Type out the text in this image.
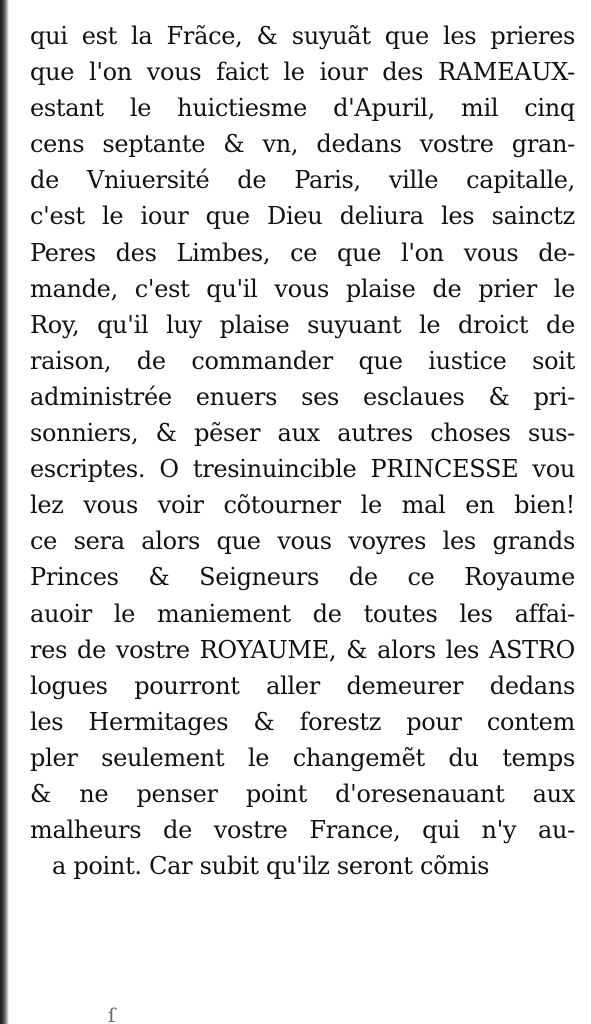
qui est la Frãce, & suyuãt que les prieres
que l'on vous faict le iour des RAMEAUX-
estant le huictiesme d'Apuril, mil cinq
cens septante & vn, dedans vostre gran-
de Vniuersité de Paris, ville capitalle,
c'est le iour que Dieu deliura les sainctz
Peres des Limbes, ce que l'on vous de-
mande, c'est qu'il vous plaise de prier le
Roy, qu'il luy plaise suyuant le droict de
raison, de commander que iustice soit
administrée enuers ses esclaues & pri-
sonniers, & pẽser aux autres choses sus-
escriptes. O tresinuincible PRINCESSE vou
lez vous voir cõtourner le mal en bien!
ce sera alors que vous voyres les grands
Princes & Seigneurs de ce Royaume
auoir le maniement de toutes les affai-
res de vostre ROYAUME, & alors les ASTRO
logues pourront aller demeurer dedans
les Hermitages & forestz pour contem
pler seulement le changemẽt du temps
& ne penser point d'oresenauant aux
malheurs de vostre France, qui n'y au-
a point. Car subit qu'ilz seront cõmis
ſ
